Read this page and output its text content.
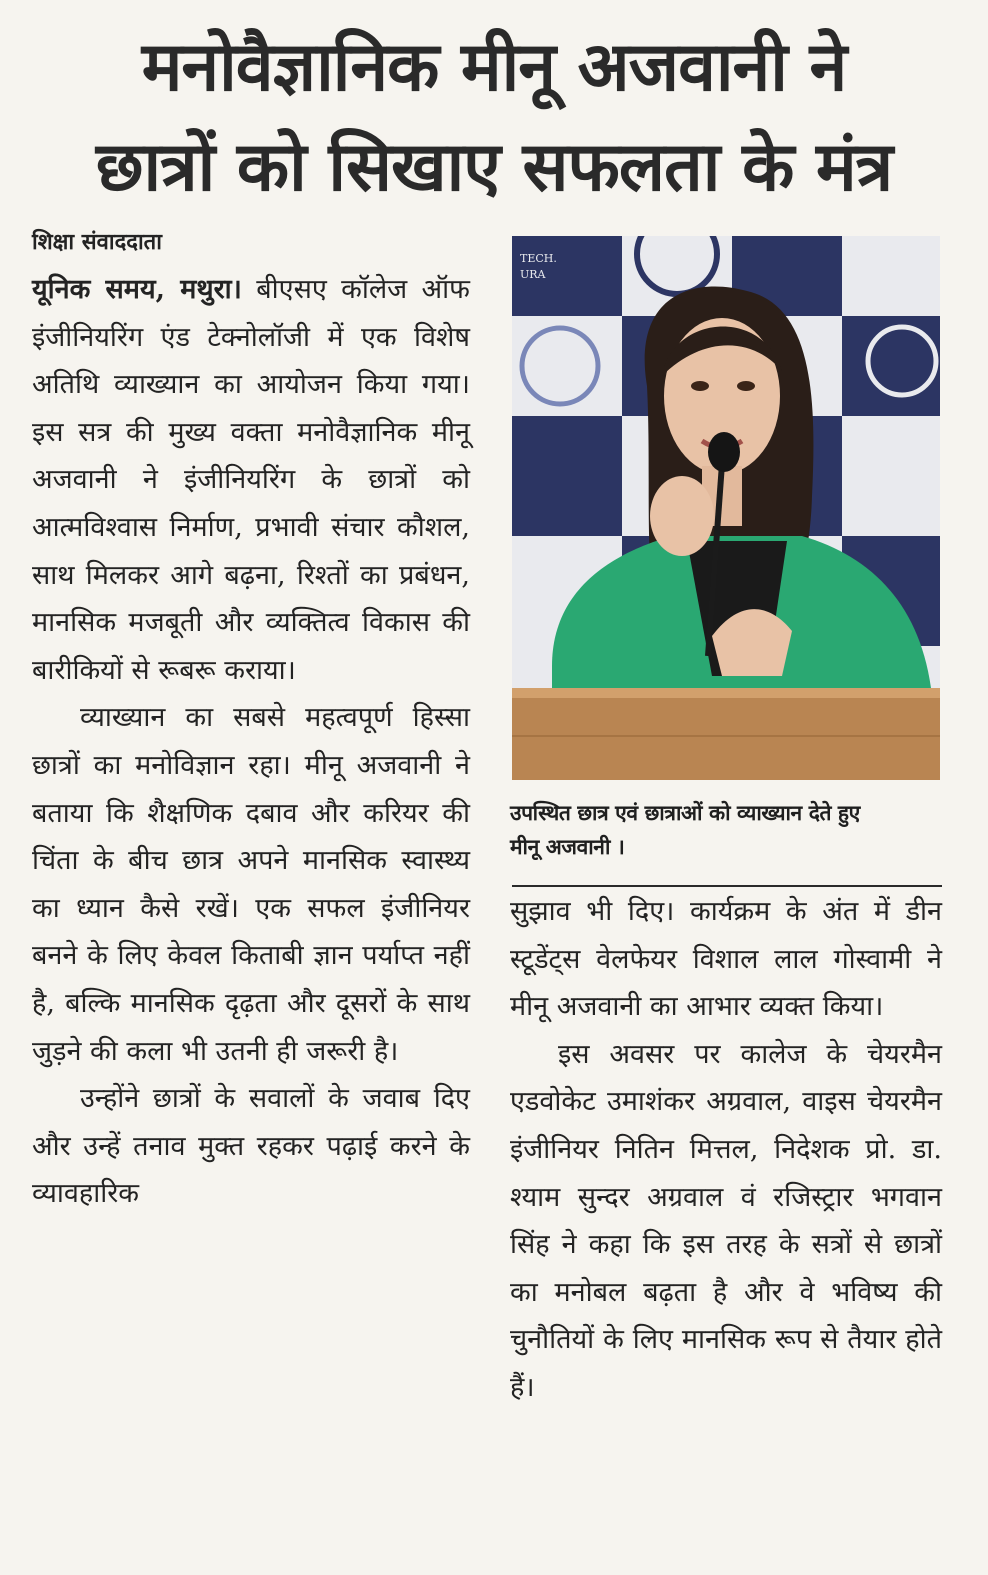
मनोवैज्ञानिक मीनू अजवानी ने
छात्रों को सिखाए सफलता के मंत्र
शिक्षा संवाददाता

यूनिक समय, मथुरा। बीएसए कॉलेज ऑफ इंजीनियरिंग एंड टेक्नोलॉजी में एक विशेष अतिथि व्याख्यान का आयोजन किया गया। इस सत्र की मुख्य वक्ता मनोवैज्ञानिक मीनू अजवानी ने इंजीनियरिंग के छात्रों को आत्मविश्वास निर्माण, प्रभावी संचार कौशल, साथ मिलकर आगे बढ़ना, रिश्तों का प्रबंधन, मानसिक मजबूती और व्यक्तित्व विकास की बारीकियों से रूबरू कराया।

व्याख्यान का सबसे महत्वपूर्ण हिस्सा छात्रों का मनोविज्ञान रहा। मीनू अजवानी ने बताया कि शैक्षणिक दबाव और करियर की चिंता के बीच छात्र अपने मानसिक स्वास्थ्य का ध्यान कैसे रखें। एक सफल इंजीनियर बनने के लिए केवल किताबी ज्ञान पर्याप्त नहीं है, बल्कि मानसिक दृढ़ता और दूसरों के साथ जुड़ने की कला भी उतनी ही जरूरी है।

उन्होंने छात्रों के सवालों के जवाब दिए और उन्हें तनाव मुक्त रहकर पढ़ाई करने के व्यावहारिक

TECH.
URA
MAT
उपस्थित छात्र एवं छात्राओं को व्याख्यान देते हुए
मीनू अजवानी ।

सुझाव भी दिए। कार्यक्रम के अंत में डीन स्टूडेंट्स वेलफेयर विशाल लाल गोस्वामी ने मीनू अजवानी का आभार व्यक्त किया।

इस अवसर पर कालेज के चेयरमैन एडवोकेट उमाशंकर अग्रवाल, वाइस चेयरमैन इंजीनियर नितिन मित्तल, निदेशक प्रो. डा. श्याम सुन्दर अग्रवाल वं रजिस्ट्रार भगवान सिंह ने कहा कि इस तरह के सत्रों से छात्रों का मनोबल बढ़ता है और वे भविष्य की चुनौतियों के लिए मानसिक रूप से तैयार होते हैं।
